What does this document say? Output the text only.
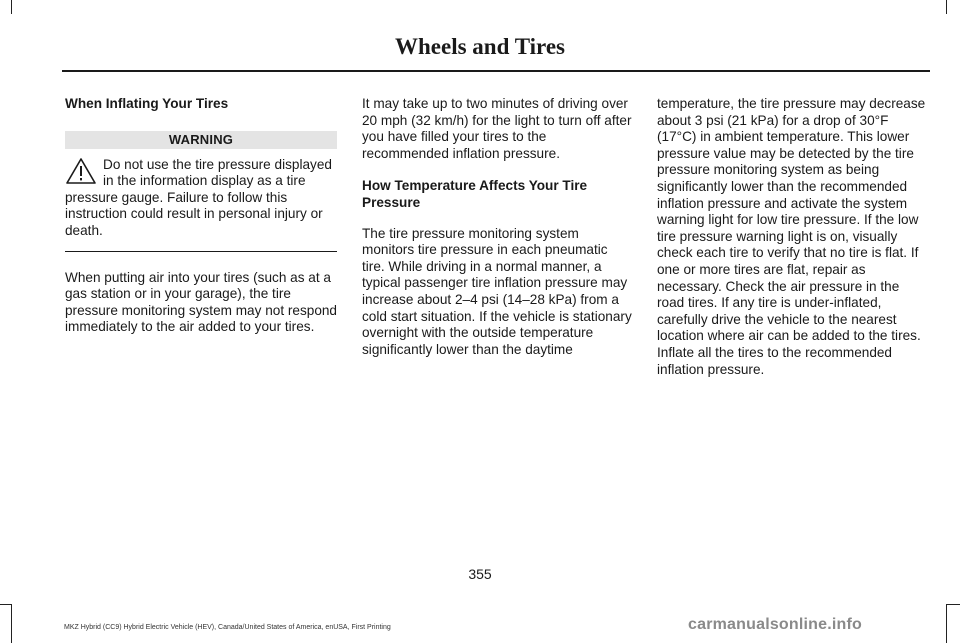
Wheels and Tires
When Inflating Your Tires
WARNING
Do not use the tire pressure displayed in the information display as a tire pressure gauge. Failure to follow this instruction could result in personal injury or death.

When putting air into your tires (such as at a gas station or in your garage), the tire pressure monitoring system may not respond immediately to the air added to your tires.

It may take up to two minutes of driving over 20 mph (32 km/h) for the light to turn off after you have filled your tires to the recommended inflation pressure.

How Temperature Affects Your Tire Pressure

The tire pressure monitoring system monitors tire pressure in each pneumatic tire. While driving in a normal manner, a typical passenger tire inflation pressure may increase about 2–4 psi (14–28 kPa) from a cold start situation. If the vehicle is stationary overnight with the outside temperature significantly lower than the daytime

temperature, the tire pressure may decrease about 3 psi (21 kPa) for a drop of 30°F (17°C) in ambient temperature. This lower pressure value may be detected by the tire pressure monitoring system as being significantly lower than the recommended inflation pressure and activate the system warning light for low tire pressure. If the low tire pressure warning light is on, visually check each tire to verify that no tire is flat. If one or more tires are flat, repair as necessary. Check the air pressure in the road tires. If any tire is under-inflated, carefully drive the vehicle to the nearest location where air can be added to the tires. Inflate all the tires to the recommended inflation pressure.

355
MKZ Hybrid (CC9) Hybrid Electric Vehicle (HEV), Canada/United States of America, enUSA, First Printing	carmanualsonline.info
